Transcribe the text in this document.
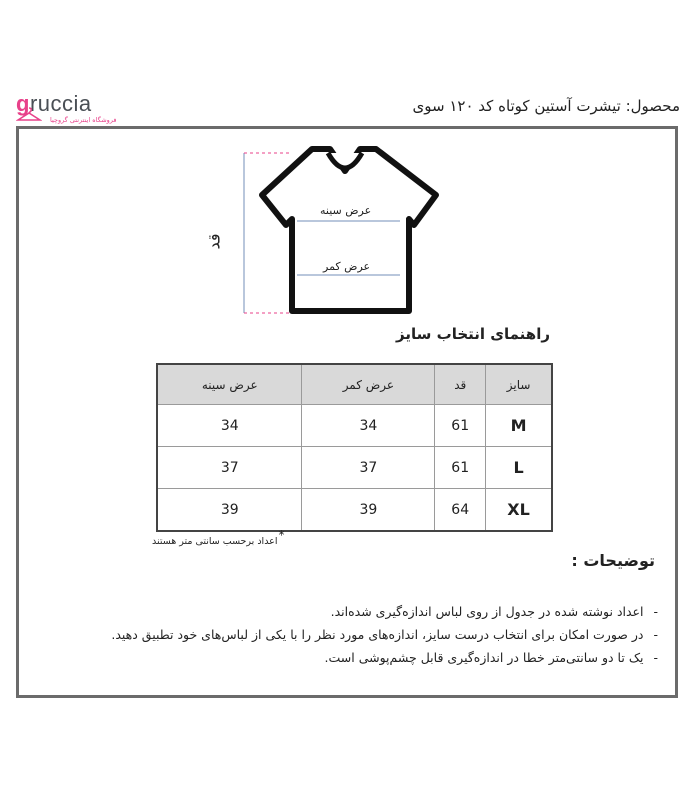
gruccia
فروشگاه اینترنتی گروچیا
محصول: تیشرت آستین کوتاه کد ۱۲۰ سوی
عرض سینه
عرض کمر
قد
راهنمای انتخاب سایز
سایز	قد	عرض کمر	عرض سینه
M	61	34	34
L	61	37	37
XL	64	39	39
*
اعداد برحسب سانتی متر هستند
توضیحات :
-اعداد نوشته شده در جدول از روی لباس اندازه‌گیری شده‌اند.
-در صورت امکان برای انتخاب درست سایز، اندازه‌های مورد نظر را با یکی از لباس‌های خود تطبیق دهید.
-یک تا دو سانتی‌متر خطا در اندازه‌گیری قابل چشم‌پوشی است.
